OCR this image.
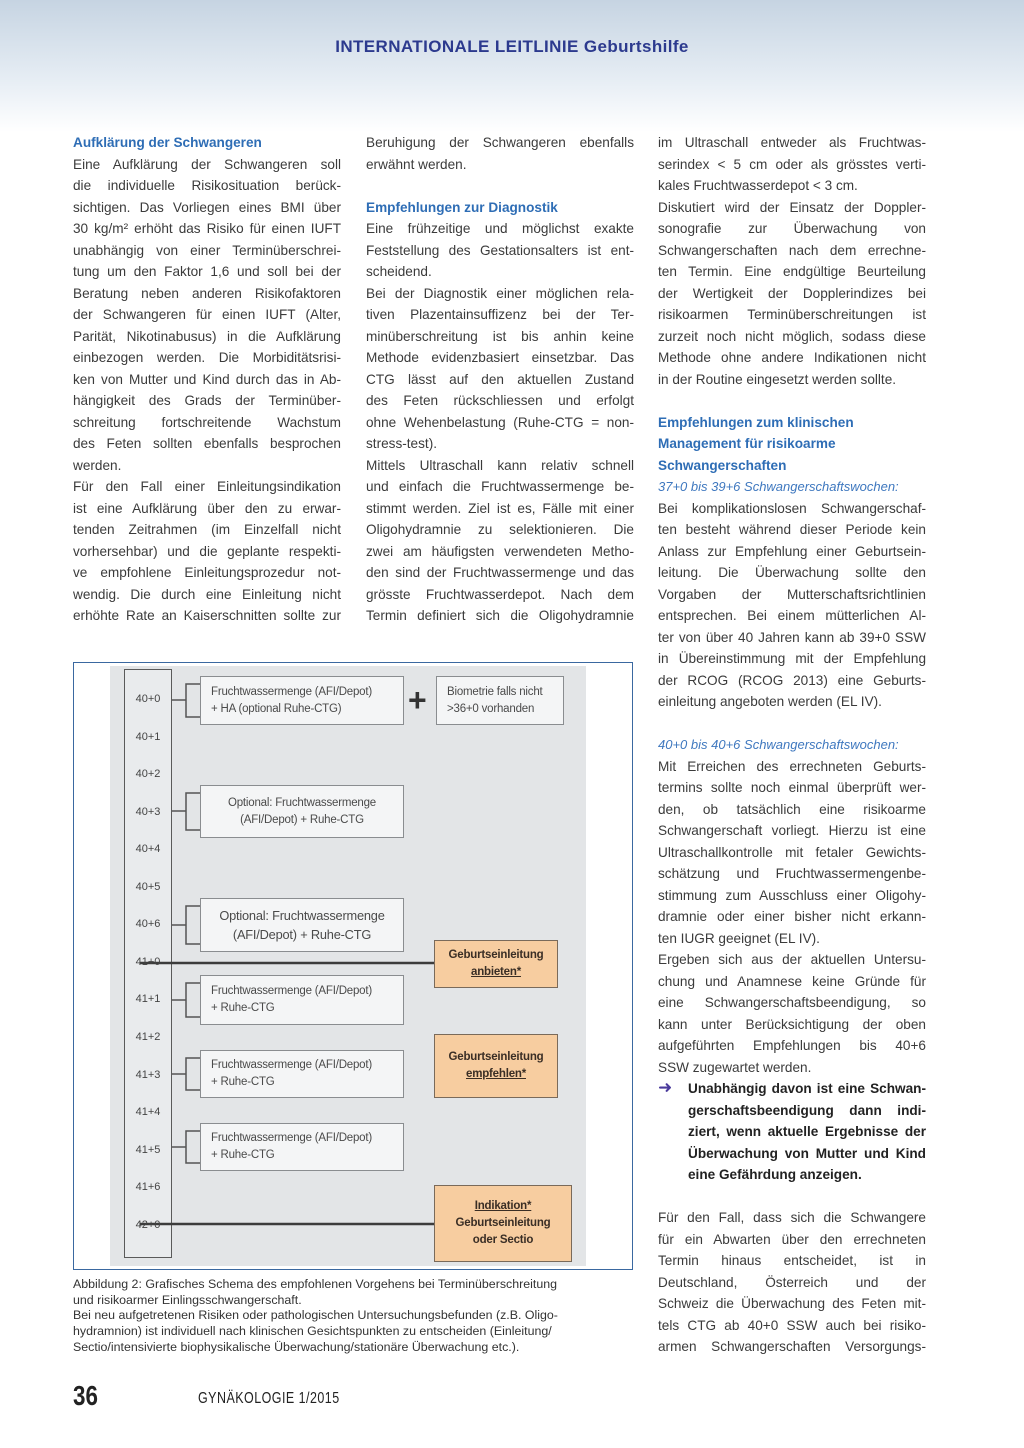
INTERNATIONALE LEITLINIE Geburtshilfe
Aufklärung der Schwangeren
Eine Aufklärung der Schwangeren soll
die individuelle Risikosituation berück-
sichtigen. Das Vorliegen eines BMI über
30 kg/m² erhöht das Risiko für einen IUFT
unabhängig von einer Terminüberschrei-
tung um den Faktor 1,6 und soll bei der
Beratung neben anderen Risikofaktoren
der Schwangeren für einen IUFT (Alter,
Parität, Nikotinabusus) in die Aufklärung
einbezogen werden. Die Morbiditätsrisi-
ken von Mutter und Kind durch das in Ab-
hängigkeit des Grads der Terminüber-
schreitung fortschreitende Wachstum
des Feten sollten ebenfalls besprochen
werden.
Für den Fall einer Einleitungsindikation
ist eine Aufklärung über den zu erwar-
tenden Zeitrahmen (im Einzelfall nicht
vorhersehbar) und die geplante respekti-
ve empfohlene Einleitungsprozedur not-
wendig. Die durch eine Einleitung nicht
erhöhte Rate an Kaiserschnitten sollte zur
Beruhigung der Schwangeren ebenfalls
erwähnt werden.
Empfehlungen zur Diagnostik
Eine frühzeitige und möglichst exakte
Feststellung des Gestationsalters ist ent-
scheidend.
Bei der Diagnostik einer möglichen rela-
tiven Plazentainsuffizenz bei der Ter-
minüberschreitung ist bis anhin keine
Methode evidenzbasiert einsetzbar. Das
CTG lässt auf den aktuellen Zustand
des Feten rückschliessen und erfolgt
ohne Wehenbelastung (Ruhe-CTG = non-
stress-test).
Mittels Ultraschall kann relativ schnell
und einfach die Fruchtwassermenge be-
stimmt werden. Ziel ist es, Fälle mit einer
Oligohydramnie zu selektionieren. Die
zwei am häufigsten verwendeten Metho-
den sind der Fruchtwassermenge und das
grösste Fruchtwasserdepot. Nach dem
Termin definiert sich die Oligohydramnie
im Ultraschall entweder als Fruchtwas-
serindex < 5 cm oder als grösstes verti-
kales Fruchtwasserdepot < 3 cm.
Diskutiert wird der Einsatz der Doppler-
sonografie zur Überwachung von
Schwangerschaften nach dem errechne-
ten Termin. Eine endgültige Beurteilung
der Wertigkeit der Dopplerindizes bei
risikoarmen Terminüberschreitungen ist
zurzeit noch nicht möglich, sodass diese
Methode ohne andere Indikationen nicht
in der Routine eingesetzt werden sollte.
Empfehlungen zum klinischen
Management für risikoarme
Schwangerschaften
37+0 bis 39+6 Schwangerschaftswochen:
Bei komplikationslosen Schwangerschaf-
ten besteht während dieser Periode kein
Anlass zur Empfehlung einer Geburtsein-
leitung. Die Überwachung sollte den
Vorgaben der Mutterschaftsrichtlinien
entsprechen. Bei einem mütterlichen Al-
ter von über 40 Jahren kann ab 39+0 SSW
in Übereinstimmung mit der Empfehlung
der RCOG (RCOG 2013) eine Geburts-
einleitung angeboten werden (EL IV).
40+0 bis 40+6 Schwangerschaftswochen:
Mit Erreichen des errechneten Geburts-
termins sollte noch einmal überprüft wer-
den, ob tatsächlich eine risikoarme
Schwangerschaft vorliegt. Hierzu ist eine
Ultraschallkontrolle mit fetaler Gewichts-
schätzung und Fruchtwassermengenbe-
stimmung zum Ausschluss einer Oligohy-
dramnie oder einer bisher nicht erkann-
ten IUGR geeignet (EL IV).
Ergeben sich aus der aktuellen Untersu-
chung und Anamnese keine Gründe für
eine Schwangerschaftsbeendigung, so
kann unter Berücksichtigung der oben
aufgeführten Empfehlungen bis 40+6
SSW zugewartet werden.
➜ Unabhängig davon ist eine Schwan-
gerschaftsbeendigung dann indi-
ziert, wenn aktuelle Ergebnisse der
Überwachung von Mutter und Kind
eine Gefährdung anzeigen.
Für den Fall, dass sich die Schwangere
für ein Abwarten über den errechneten
Termin hinaus entscheidet, ist in
Deutschland, Österreich und der
Schweiz die Überwachung des Feten mit-
tels CTG ab 40+0 SSW auch bei risiko-
armen Schwangerschaften Versorgungs-
Fruchtwassermenge (AFI/Depot)
+ HA (optional Ruhe-CTG)	+ Biometrie falls nicht
>36+0 vorhanden
Optional: Fruchtwassermenge
(AFI/Depot) + Ruhe-CTG
Optional: Fruchtwassermenge
(AFI/Depot) + Ruhe-CTG
Geburtseinleitung
anbieten*
Fruchtwassermenge (AFI/Depot)
+ Ruhe-CTG
Fruchtwassermenge (AFI/Depot)
+ Ruhe-CTG
Geburtseinleitung
empfehlen*
Fruchtwassermenge (AFI/Depot)
+ Ruhe-CTG
Indikation*
Geburtseinleitung
oder Sectio
40+0
40+1
40+2
40+3
40+4
40+5
40+6
41+0
41+1
41+2
41+3
41+4
41+5
41+6
42+0
Abbildung 2: Grafisches Schema des empfohlenen Vorgehens bei Terminüberschreitung
und risikoarmer Einlingsschwangerschaft.
Bei neu aufgetretenen Risiken oder pathologischen Untersuchungsbefunden (z.B. Oligo-
hydramnion) ist individuell nach klinischen Gesichtspunkten zu entscheiden (Einleitung/
Sectio/intensivierte biophysikalische Überwachung/stationäre Überwachung etc.).
36	GYNÄKOLOGIE 1/2015
